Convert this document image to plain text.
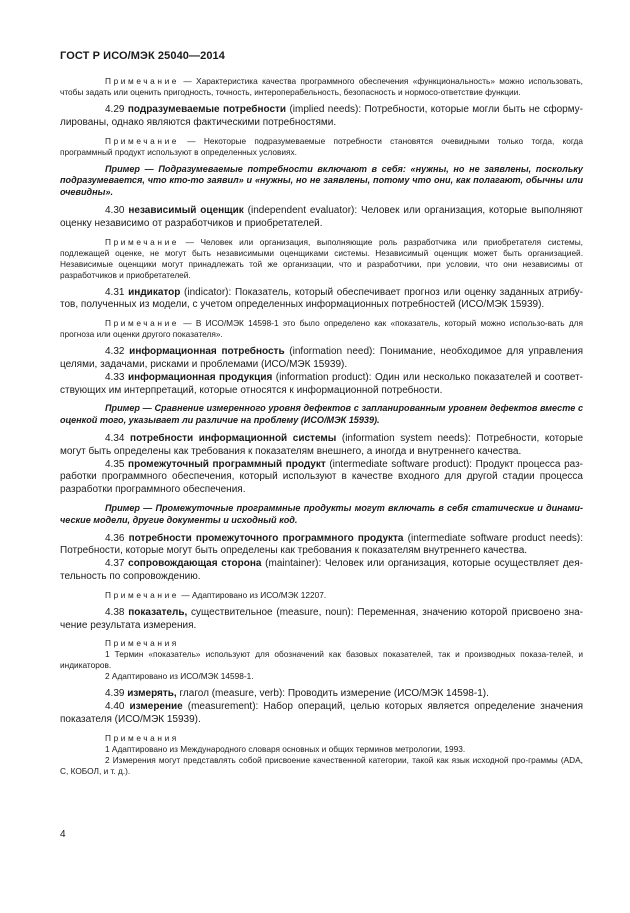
ГОСТ Р ИСО/МЭК 25040—2014

Примечание — Характеристика качества программного обеспечения «функциональность» можно использовать, чтобы задать или оценить пригодность, точность, интероперабельность, безопасность и нормосо-ответствие функции.

4.29 подразумеваемые потребности (implied needs): Потребности, которые могли быть не сформу-лированы, однако являются фактическими потребностями.

Примечание — Некоторые подразумеваемые потребности становятся очевидными только тогда, когда программный продукт используют в определенных условиях.

Пример — Подразумеваемые потребности включают в себя: «нужны, но не заявлены, поскольку подразумевается, что кто-то заявил» и «нужны, но не заявлены, потому что они, как полагают, обычны или очевидны».

4.30 независимый оценщик (independent evaluator): Человек или организация, которые выполняют оценку независимо от разработчиков и приобретателей.

Примечание — Человек или организация, выполняющие роль разработчика или приобретателя системы, подлежащей оценке, не могут быть независимыми оценщиками системы. Независимый оценщик может быть организацией. Независимые оценщики могут принадлежать той же организации, что и разработчики, при условии, что они независимы от разработчиков и приобретателей.

4.31 индикатор (indicator): Показатель, который обеспечивает прогноз или оценку заданных атрибу-тов, полученных из модели, с учетом определенных информационных потребностей (ИСО/МЭК 15939).

Примечание — В ИСО/МЭК 14598-1 это было определено как «показатель, который можно использо-вать для прогноза или оценки другого показателя».

4.32 информационная потребность (information need): Понимание, необходимое для управления целями, задачами, рисками и проблемами (ИСО/МЭК 15939).

4.33 информационная продукция (information product): Один или несколько показателей и соответ-ствующих им интерпретаций, которые относятся к информационной потребности.

Пример — Сравнение измеренного уровня дефектов с запланированным уровнем дефектов вместе с оценкой того, указывает ли различие на проблему (ИСО/МЭК 15939).

4.34 потребности информационной системы (information system needs): Потребности, которые могут быть определены как требования к показателям внешнего, а иногда и внутреннего качества.

4.35 промежуточный программный продукт (intermediate software product): Продукт процесса раз-работки программного обеспечения, который используют в качестве входного для другой стадии процесса разработки программного обеспечения.

Пример — Промежуточные программные продукты могут включать в себя статические и динами-ческие модели, другие документы и исходный код.

4.36 потребности промежуточного программного продукта (intermediate software product needs): Потребности, которые могут быть определены как требования к показателям внутреннего качества.

4.37 сопровождающая сторона (maintainer): Человек или организация, которые осуществляет дея-тельность по сопровождению.

Примечание — Адаптировано из ИСО/МЭК 12207.

4.38 показатель, существительное (measure, noun): Переменная, значению которой присвоено зна-чение результата измерения.

Примечания

1 Термин «показатель» используют для обозначений как базовых показателей, так и производных показа-телей, и индикаторов.

2 Адаптировано из ИСО/МЭК 14598-1.

4.39 измерять, глагол (measure, verb): Проводить измерение (ИСО/МЭК 14598-1).

4.40 измерение (measurement): Набор операций, целью которых является определение значения показателя (ИСО/МЭК 15939).

Примечания

1 Адаптировано из Международного словаря основных и общих терминов метрологии, 1993.

2 Измерения могут представлять собой присвоение качественной категории, такой как язык исходной про-граммы (ADA, С, КОБОЛ, и т. д.).

4
